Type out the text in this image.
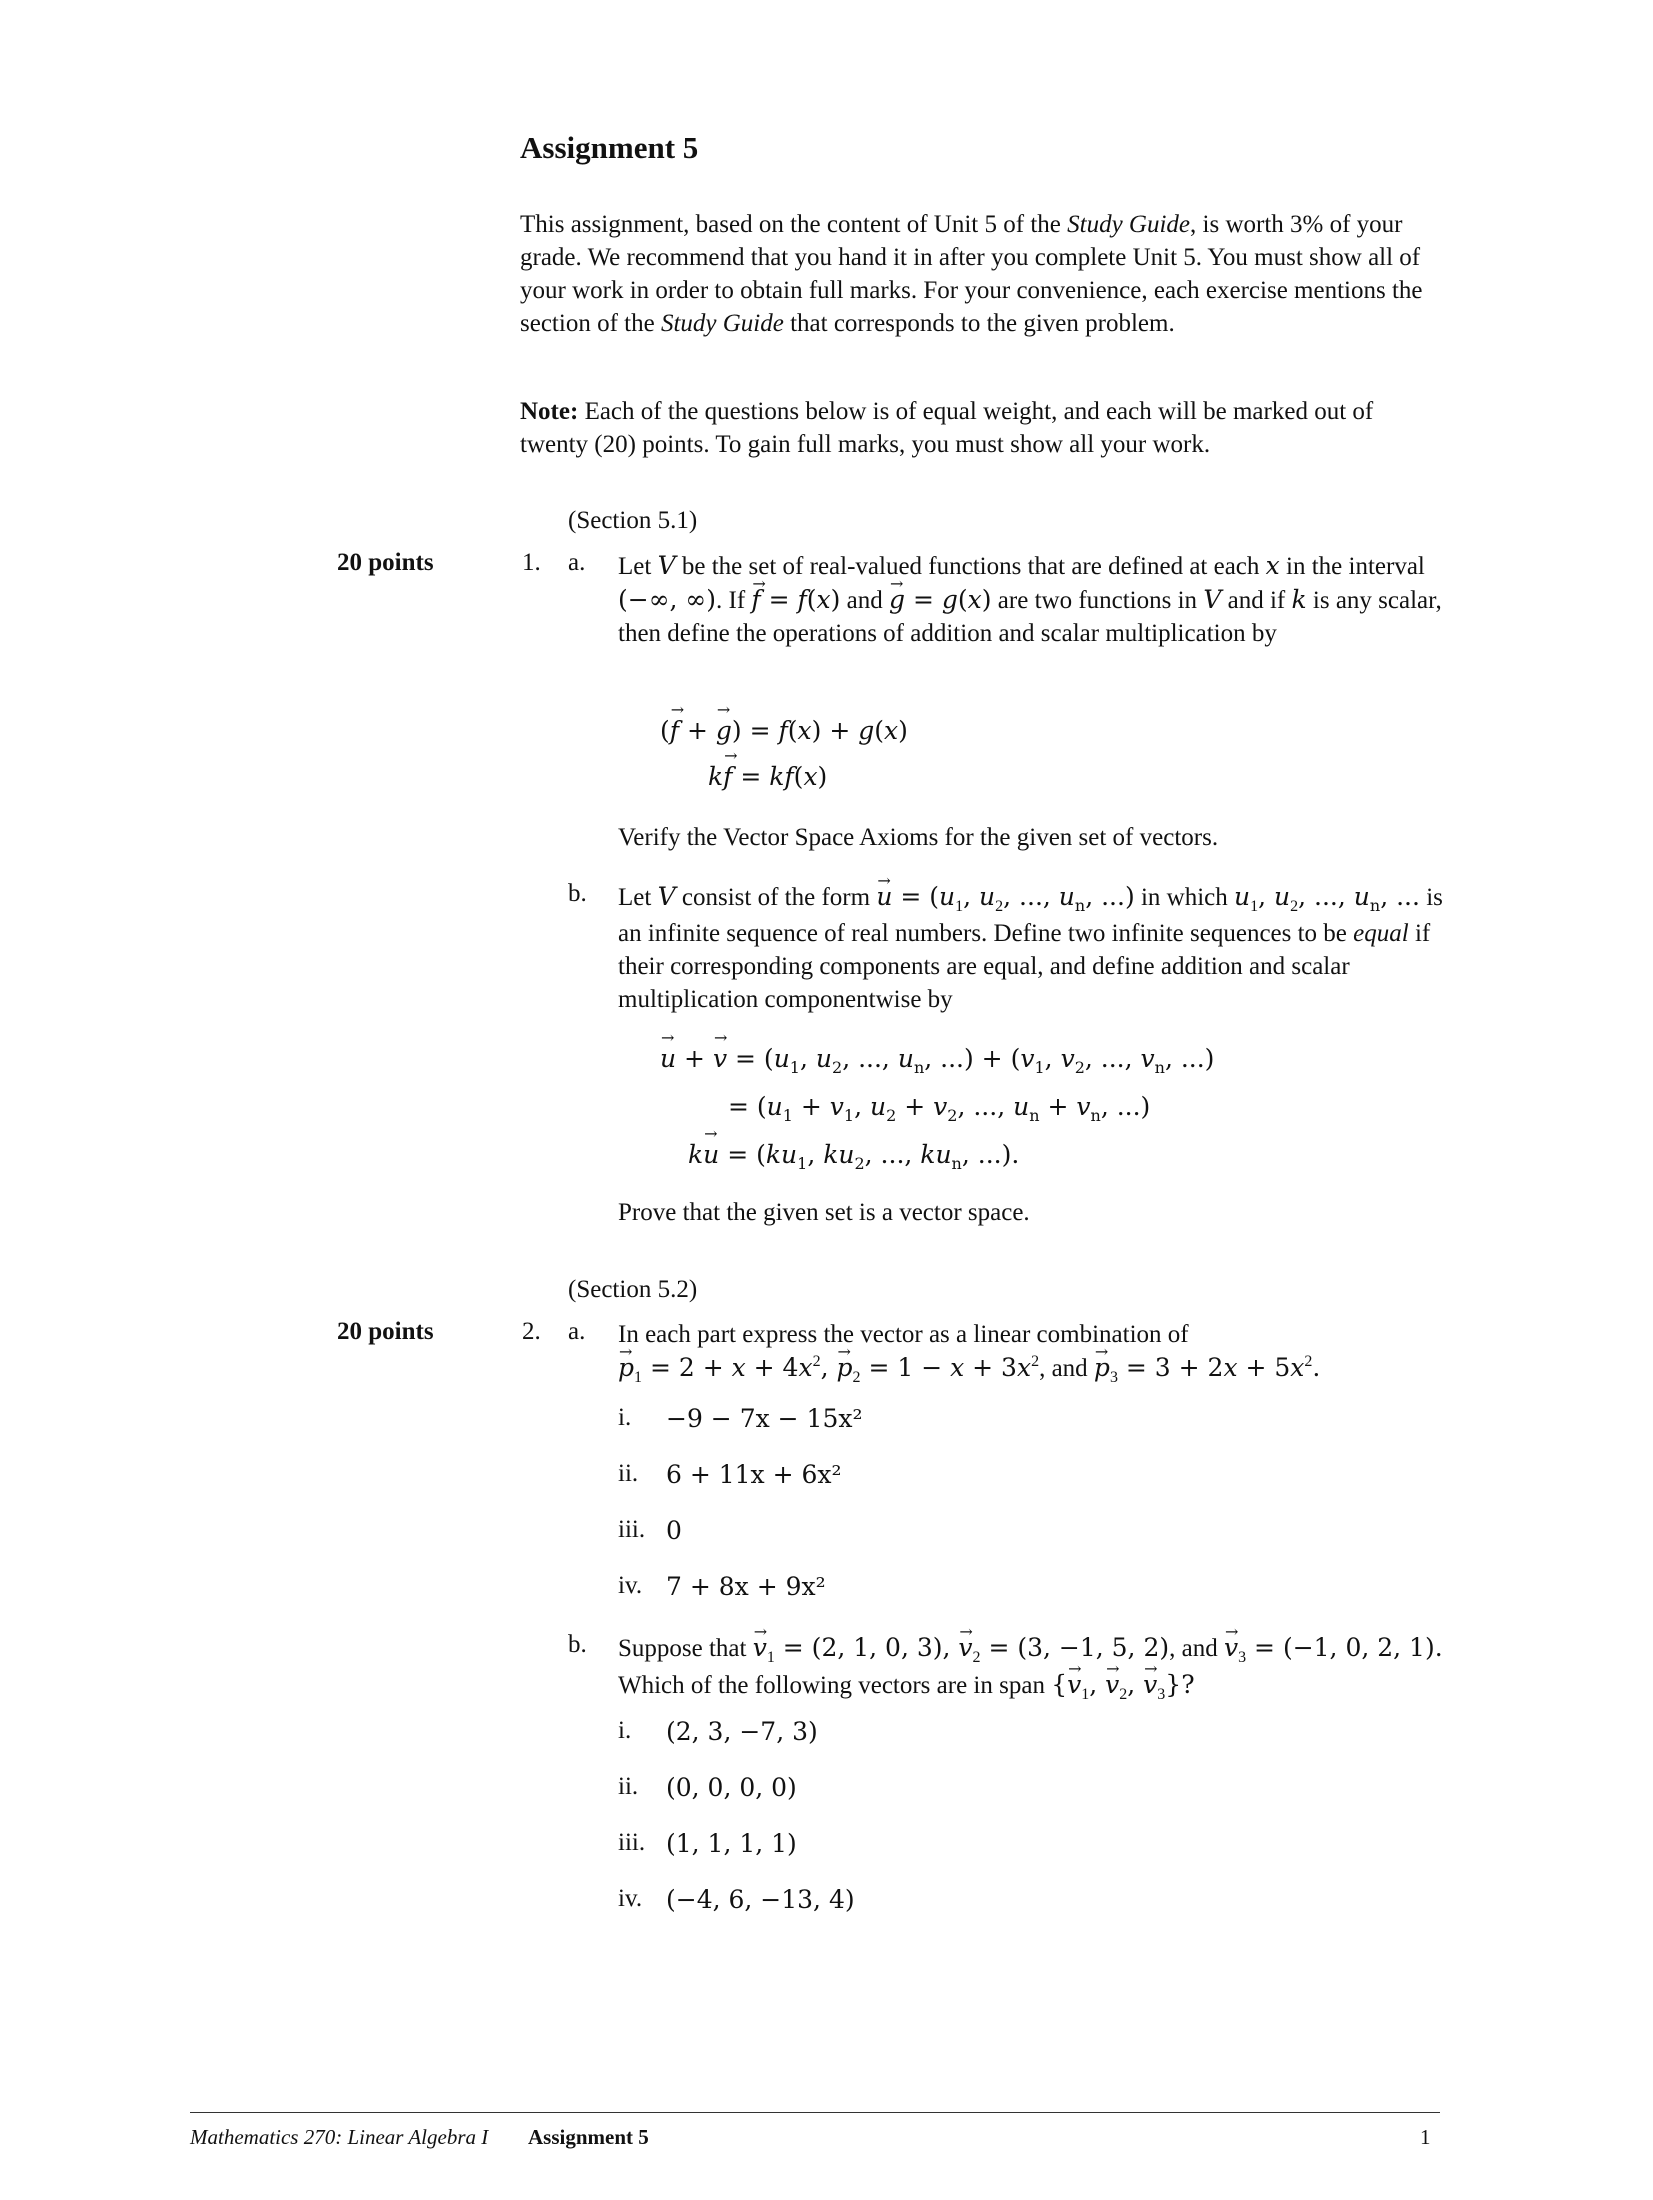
Assignment 5
This assignment, based on the content of Unit 5 of the Study Guide, is worth 3% of your grade. We recommend that you hand it in after you complete Unit 5. You must show all of your work in order to obtain full marks. For your convenience, each exercise mentions the section of the Study Guide that corresponds to the given problem.
Note: Each of the questions below is of equal weight, and each will be marked out of twenty (20) points. To gain full marks, you must show all your work.
(Section 5.1)
20 points	1. a. Let V be the set of real-valued functions that are defined at each x in the interval (−∞, ∞). If → f = f(x) and → g = g(x) are two functions in V and if k is any scalar, then define the operations of addition and scalar multiplication by
(→ f + → g) = f(x) + g(x)
k→ f = kf(x)
Verify the Vector Space Axioms for the given set of vectors.
b. Let V consist of the form → $u = (u_1$, $u_2$, ..., $u_n$, ...) in which $u_1$, $u_2$, ..., $u_n$, ... is an infinite sequence of real numbers. Define two infinite sequences to be equal if their corresponding components are equal, and define addition and scalar multiplication componentwise by
→ u + → $v = (u_1$, $u_2$, ..., $u_n$, ...) + ($v_1$, $v_2$, ..., $v_n$, ...)
= ($u_1 + v_1$, $u_2 + v_2$, ..., $u_n + v_n$, ...)
$k\to u = (ku_1$, $ku_2$, ..., $ku_n$, ...).
Prove that the given set is a vector space.
(Section 5.2)
20 points	2. a. In each part express the vector as a linear combination of
→ $p_1 = 2 + x + 4x^2$, → $p_2 = 1 - x + 3x^2$, and → $p_3 = 3 + 2x + 5x^2$.
i. −9 − 7x − 15x²
ii. 6 + 11x + 6x²
iii. 0
iv. 7 + 8x + 9x²
b. Suppose that → $v_1 = (2$, 1, 0, 3), → $v_2 = (3$, −1, 5, 2), and → $v_3 = (-1$, 0, 2, 1).
Which of the following vectors are in span {→ $v_1$, → $v_2$, → $v_3$}?
i. (2, 3, −7, 3)
ii. (0, 0, 0, 0)
iii. (1, 1, 1, 1)
iv. (−4, 6, −13, 4)
Mathematics 270: Linear Algebra I Assignment 5	1
